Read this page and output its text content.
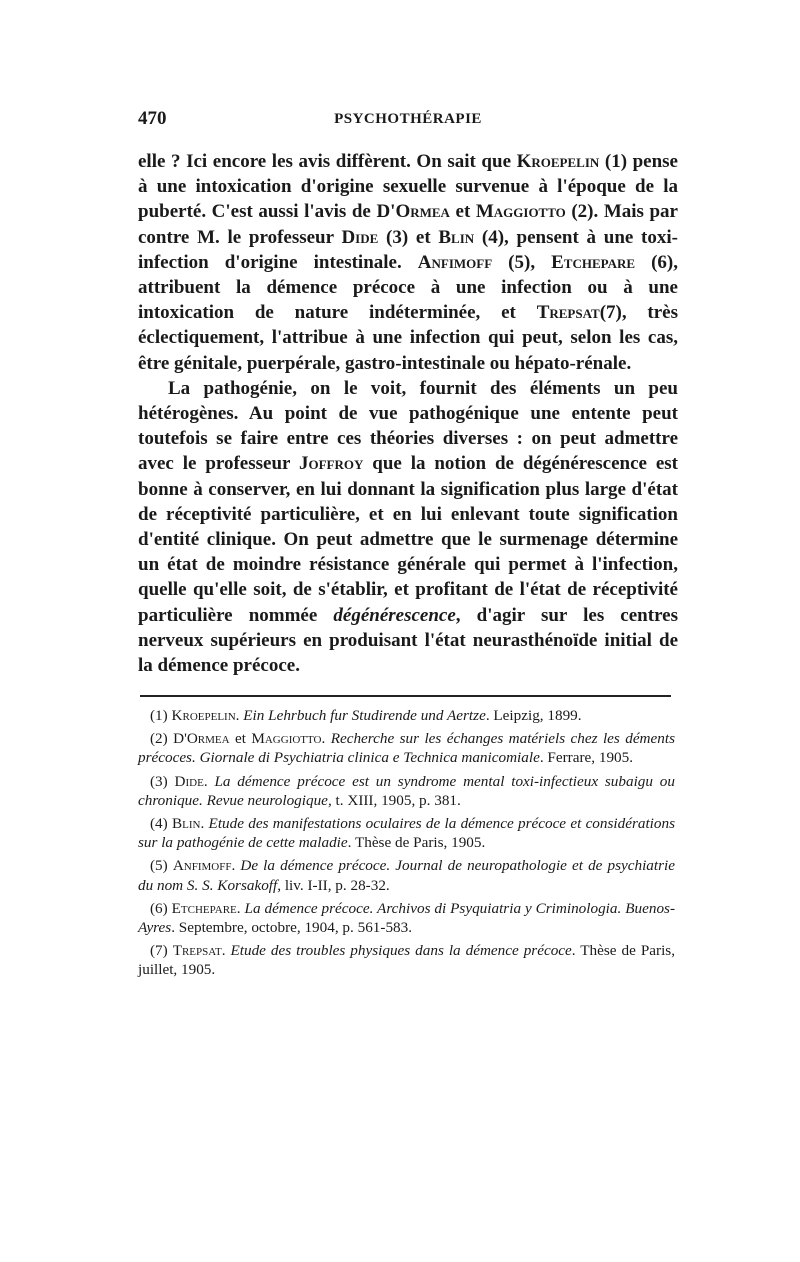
470	PSYCHOTHÉRAPIE

elle ? Ici encore les avis diffèrent. On sait que Kroepelin (1) pense à une intoxication d'origine sexuelle survenue à l'époque de la puberté. C'est aussi l'avis de D'Ormea et Maggiotto (2). Mais par contre M. le professeur Dide (3) et Blin (4), pensent à une toxi-infection d'origine intestinale. Anfimoff (5), Etchepare (6), attribuent la démence précoce à une infection ou à une intoxication de nature indéterminée, et Trepsat(7), très éclectiquement, l'attribue à une infection qui peut, selon les cas, être génitale, puerpérale, gastro-intestinale ou hépato-rénale.

La pathogénie, on le voit, fournit des éléments un peu hétérogènes. Au point de vue pathogénique une entente peut toutefois se faire entre ces théories diverses : on peut admettre avec le professeur Joffroy que la notion de dégénérescence est bonne à conserver, en lui donnant la signification plus large d'état de réceptivité particulière, et en lui enlevant toute signification d'entité clinique. On peut admettre que le surmenage détermine un état de moindre résistance générale qui permet à l'infection, quelle qu'elle soit, de s'établir, et profitant de l'état de réceptivité particulière nommée dégénérescence, d'agir sur les centres nerveux supérieurs en produisant l'état neurasthénoïde initial de la démence précoce.

(1) Kroepelin. Ein Lehrbuch fur Studirende und Aertze. Leipzig, 1899.

(2) D'Ormea et Maggiotto. Recherche sur les échanges matériels chez les déments précoces. Giornale di Psychiatria clinica e Technica manicomiale. Ferrare, 1905.

(3) Dide. La démence précoce est un syndrome mental toxi-infectieux subaigu ou chronique. Revue neurologique, t. XIII, 1905, p. 381.

(4) Blin. Etude des manifestations oculaires de la démence précoce et considérations sur la pathogénie de cette maladie. Thèse de Paris, 1905.

(5) Anfimoff. De la démence précoce. Journal de neuropathologie et de psychiatrie du nom S. S. Korsakoff, liv. I-II, p. 28-32.

(6) Etchepare. La démence précoce. Archivos di Psyquiatria y Criminologia. Buenos-Ayres. Septembre, octobre, 1904, p. 561-583.

(7) Trepsat. Etude des troubles physiques dans la démence précoce. Thèse de Paris, juillet, 1905.
